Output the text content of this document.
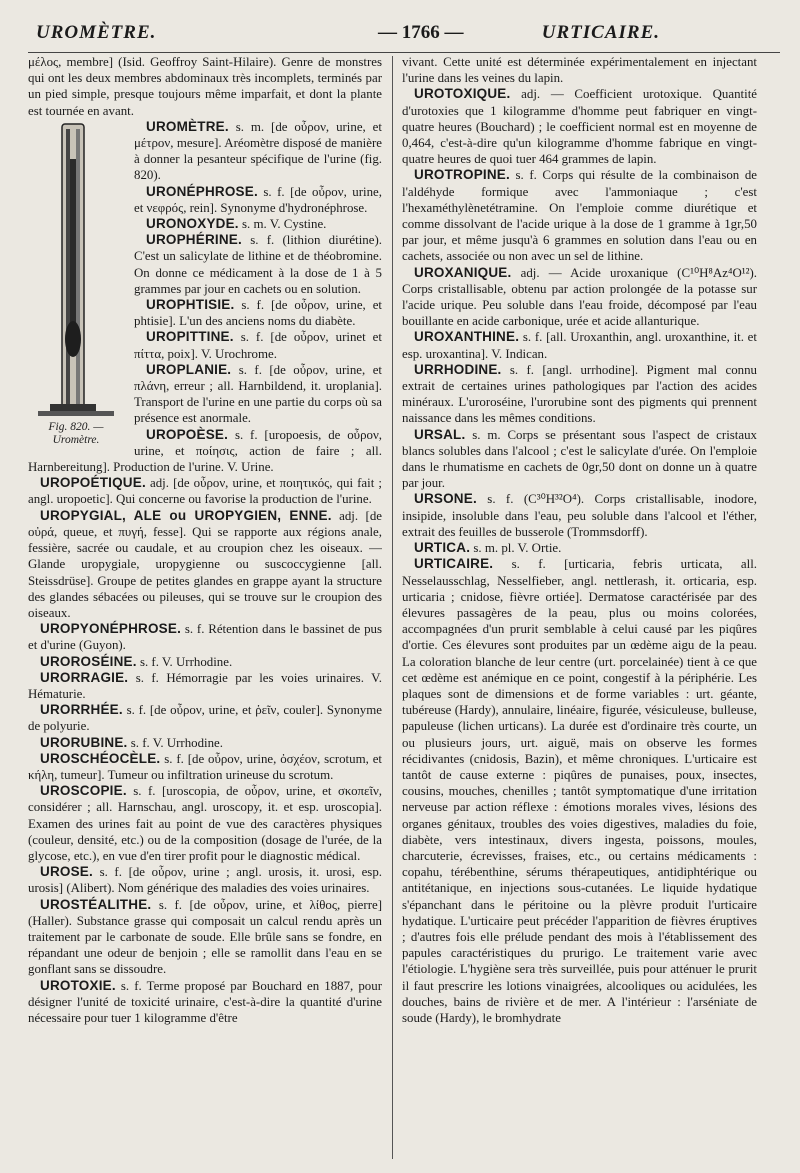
UROMÈTRE.	— 1766 —	URTICAIRE.

μέλος, membre] (Isid. Geoffroy Saint-Hilaire). Genre de monstres qui ont les deux membres abdominaux très incomplets, terminés par un pied simple, presque toujours même imparfait, et dont la plante est tournée en avant.

Fig. 820. — Uromètre.

UROMÈTRE. s. m. [de οὖρον, urine, et μέτρον, mesure]. Aréomètre disposé de manière à donner la pesanteur spécifique de l'urine (fig. 820).

URONÉPHROSE. s. f. [de οὖρον, urine, et νεφρός, rein]. Synonyme d'hydronéphrose.

URONOXYDE. s. m. V. Cystine.

UROPHÉRINE. s. f. (lithion diurétine). C'est un salicylate de lithine et de théobromine. On donne ce médicament à la dose de 1 à 5 grammes par jour en cachets ou en solution.

UROPHTISIE. s. f. [de οὖρον, urine, et phtisie]. L'un des anciens noms du diabète.

UROPITTINE. s. f. [de οὖρον, urinet et πίττα, poix]. V. Urochrome.

UROPLANIE. s. f. [de οὖρον, urine, et πλάνη, erreur ; all. Harnbildend, it. uroplania]. Transport de l'urine en une partie du corps où sa présence est anormale.

UROPOÈSE. s. f. [uropoesis, de οὖρον, urine, et ποίησις, action de faire ; all. Harnbereitung]. Production de l'urine. V. Urine.

UROPOÉTIQUE. adj. [de οὖρον, urine, et ποιητικός, qui fait ; angl. uropoetic]. Qui concerne ou favorise la production de l'urine.

UROPYGIAL, ALE ou UROPYGIEN, ENNE. adj. [de οὐρά, queue, et πυγή, fesse]. Qui se rapporte aux régions anale, fessière, sacrée ou caudale, et au croupion chez les oiseaux. — Glande uropygiale, uropygienne ou suscoccygienne [all. Steissdrüse]. Groupe de petites glandes en grappe ayant la structure des glandes sébacées ou pileuses, qui se trouve sur le croupion des oiseaux.

UROPYONÉPHROSE. s. f. Rétention dans le bassinet de pus et d'urine (Guyon).

UROROSÉINE. s. f. V. Urrhodine.

URORRAGIE. s. f. Hémorragie par les voies urinaires. V. Hématurie.

URORRHÉE. s. f. [de οὖρον, urine, et ῥεῖν, couler]. Synonyme de polyurie.

URORUBINE. s. f. V. Urrhodine.

UROSCHÉOCÈLE. s. f. [de οὖρον, urine, ὀσχέον, scrotum, et κήλη, tumeur]. Tumeur ou infiltration urineuse du scrotum.

UROSCOPIE. s. f. [uroscopia, de οὖρον, urine, et σκοπεῖν, considérer ; all. Harnschau, angl. uroscopy, it. et esp. uroscopia]. Examen des urines fait au point de vue des caractères physiques (couleur, densité, etc.) ou de la composition (dosage de l'urée, de la glycose, etc.), en vue d'en tirer profit pour le diagnostic médical.

UROSE. s. f. [de οὖρον, urine ; angl. urosis, it. urosi, esp. urosis] (Alibert). Nom générique des maladies des voies urinaires.

UROSTÉALITHE. s. f. [de οὖρον, urine, et λίθος, pierre] (Haller). Substance grasse qui composait un calcul rendu après un traitement par le carbonate de soude. Elle brûle sans se fondre, en répandant une odeur de benjoin ; elle se ramollit dans l'eau en se gonflant sans se dissoudre.

UROTOXIE. s. f. Terme proposé par Bouchard en 1887, pour désigner l'unité de toxicité urinaire, c'est-à-dire la quantité d'urine nécessaire pour tuer 1 kilogramme d'être

vivant. Cette unité est déterminée expérimentalement en injectant l'urine dans les veines du lapin.

UROTOXIQUE. adj. — Coefficient urotoxique. Quantité d'urotoxies que 1 kilogramme d'homme peut fabriquer en vingt-quatre heures (Bouchard) ; le coefficient normal est en moyenne de 0,464, c'est-à-dire qu'un kilogramme d'homme fabrique en vingt-quatre heures de quoi tuer 464 grammes de lapin.

UROTROPINE. s. f. Corps qui résulte de la combinaison de l'aldéhyde formique avec l'ammoniaque ; c'est l'hexaméthylènetétramine. On l'emploie comme diurétique et comme dissolvant de l'acide urique à la dose de 1 gramme à 1gr,50 par jour, et même jusqu'à 6 grammes en solution dans l'eau ou en cachets, associée ou non avec un sel de lithine.

UROXANIQUE. adj. — Acide uroxanique (C¹⁰H⁸Az⁴O¹²). Corps cristallisable, obtenu par action prolongée de la potasse sur l'acide urique. Peu soluble dans l'eau froide, décomposé par l'eau bouillante en acide carbonique, urée et acide allanturique.

UROXANTHINE. s. f. [all. Uroxanthin, angl. uroxanthine, it. et esp. uroxantina]. V. Indican.

URRHODINE. s. f. [angl. urrhodine]. Pigment mal connu extrait de certaines urines pathologiques par l'action des acides minéraux. L'uroroséine, l'urorubine sont des pigments qui prennent naissance dans les mêmes conditions.

URSAL. s. m. Corps se présentant sous l'aspect de cristaux blancs solubles dans l'alcool ; c'est le salicylate d'urée. On l'emploie dans le rhumatisme en cachets de 0gr,50 dont on donne un à quatre par jour.

URSONE. s. f. (C³⁰H³²O⁴). Corps cristallisable, inodore, insipide, insoluble dans l'eau, peu soluble dans l'alcool et l'éther, extrait des feuilles de busserole (Trommsdorff).

URTICA. s. m. pl. V. Ortie.

URTICAIRE. s. f. [urticaria, febris urticata, all. Nesselausschlag, Nesselfieber, angl. nettlerash, it. orticaria, esp. urticaria ; cnidose, fièvre ortiée]. Dermatose caractérisée par des élevures passagères de la peau, plus ou moins colorées, accompagnées d'un prurit semblable à celui causé par les piqûres d'ortie. Ces élevures sont produites par un œdème aigu de la peau. La coloration blanche de leur centre (urt. porcelainée) tient à ce que cet œdème est anémique en ce point, congestif à la périphérie. Les plaques sont de dimensions et de forme variables : urt. géante, tubéreuse (Hardy), annulaire, linéaire, figurée, vésiculeuse, bulleuse, papuleuse (lichen urticans). La durée est d'ordinaire très courte, un ou plusieurs jours, urt. aiguë, mais on observe les formes récidivantes (cnidosis, Bazin), et même chroniques. L'urticaire est tantôt de cause externe : piqûres de punaises, poux, insectes, cousins, mouches, chenilles ; tantôt symptomatique d'une irritation nerveuse par action réflexe : émotions morales vives, lésions des organes génitaux, troubles des voies digestives, maladies du foie, diabète, vers intestinaux, divers ingesta, poissons, moules, charcuterie, écrevisses, fraises, etc., ou certains médicaments : copahu, térébenthine, sérums thérapeutiques, antidiphtérique ou antitétanique, en injections sous-cutanées. Le liquide hydatique s'épanchant dans le péritoine ou la plèvre produit l'urticaire hydatique. L'urticaire peut précéder l'apparition de fièvres éruptives ; d'autres fois elle prélude pendant des mois à l'établissement des papules caractéristiques du prurigo. Le traitement varie avec l'étiologie. L'hygiène sera très surveillée, puis pour atténuer le prurit il faut prescrire les lotions vinaigrées, alcooliques ou acidulées, les douches, bains de rivière et de mer. A l'intérieur : l'arséniate de soude (Hardy), le bromhydrate
